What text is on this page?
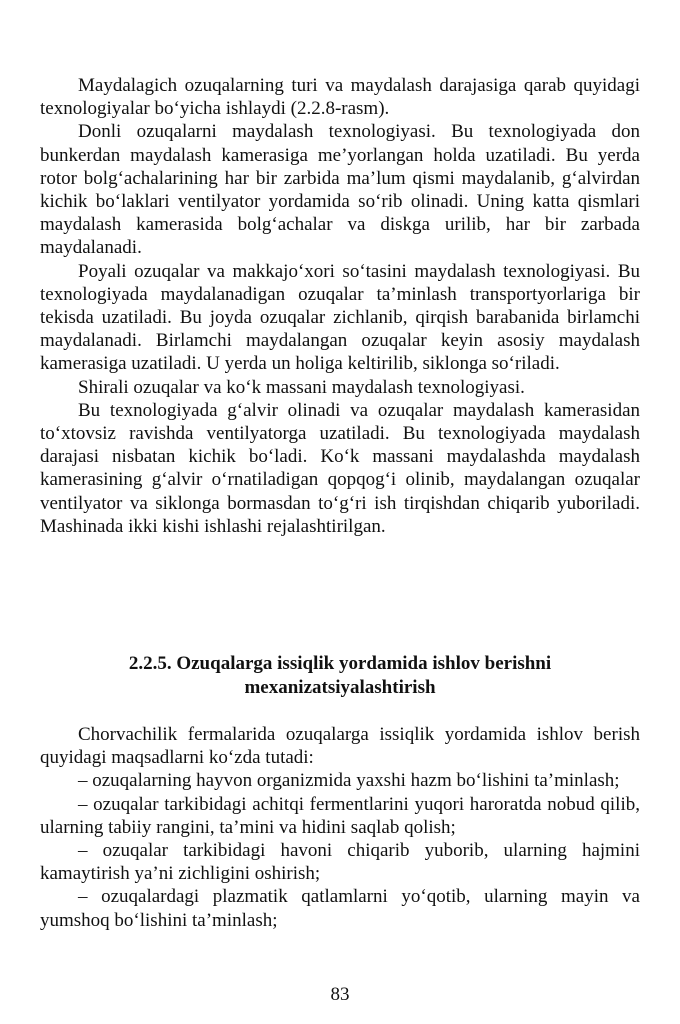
Maydalagich ozuqalarning turi va maydalash darajasiga qarab quyidagi texnologiyalar bo‘yicha ishlaydi (2.2.8-rasm).

Donli ozuqalarni maydalash texnologiyasi. Bu texnologiyada don bunkerdan maydalash kamerasiga me’yorlangan holda uzatiladi. Bu yerda rotor bolg‘achalarining har bir zarbida ma’lum qismi maydalanib, g‘alvirdan kichik bo‘laklari ventilyator yordamida so‘rib olinadi. Uning katta qismlari maydalash kamerasida bolg‘achalar va diskga urilib, har bir zarbada maydalanadi.

Poyali ozuqalar va makkajo‘xori so‘tasini maydalash texnologiyasi. Bu texnologiyada maydalanadigan ozuqalar ta’minlash transportyorlariga bir tekisda uzatiladi. Bu joyda ozuqalar zichlanib, qirqish barabanida birlamchi maydalanadi. Birlamchi maydalangan ozuqalar keyin asosiy maydalash kamerasiga uzatiladi. U yerda un holiga keltirilib, siklonga so‘riladi.

Shirali ozuqalar va ko‘k massani maydalash texnologiyasi.

Bu texnologiyada g‘alvir olinadi va ozuqalar maydalash kamerasidan to‘xtovsiz ravishda ventilyatorga uzatiladi. Bu texnologiyada maydalash darajasi nisbatan kichik bo‘ladi. Ko‘k massani maydalashda maydalash kamerasining g‘alvir o‘rnatiladigan qopqog‘i olinib, maydalangan ozuqalar ventilyator va siklonga bormasdan to‘g‘ri ish tirqishdan chiqarib yuboriladi. Mashinada ikki kishi ishlashi rejalashtirilgan.

2.2.5. Ozuqalarga issiqlik yordamida ishlov berishni
mexanizatsiyalashtirish

Chorvachilik fermalarida ozuqalarga issiqlik yordamida ishlov berish quyidagi maqsadlarni ko‘zda tutadi:

– ozuqalarning hayvon organizmida yaxshi hazm bo‘lishini ta’minlash;

– ozuqalar tarkibidagi achitqi fermentlarini yuqori haroratda nobud qilib, ularning tabiiy rangini, ta’mini va hidini saqlab qolish;

– ozuqalar tarkibidagi havoni chiqarib yuborib, ularning hajmini kamaytirish ya’ni zichligini oshirish;

– ozuqalardagi plazmatik qatlamlarni yo‘qotib, ularning mayin va yumshoq bo‘lishini ta’minlash;

83
